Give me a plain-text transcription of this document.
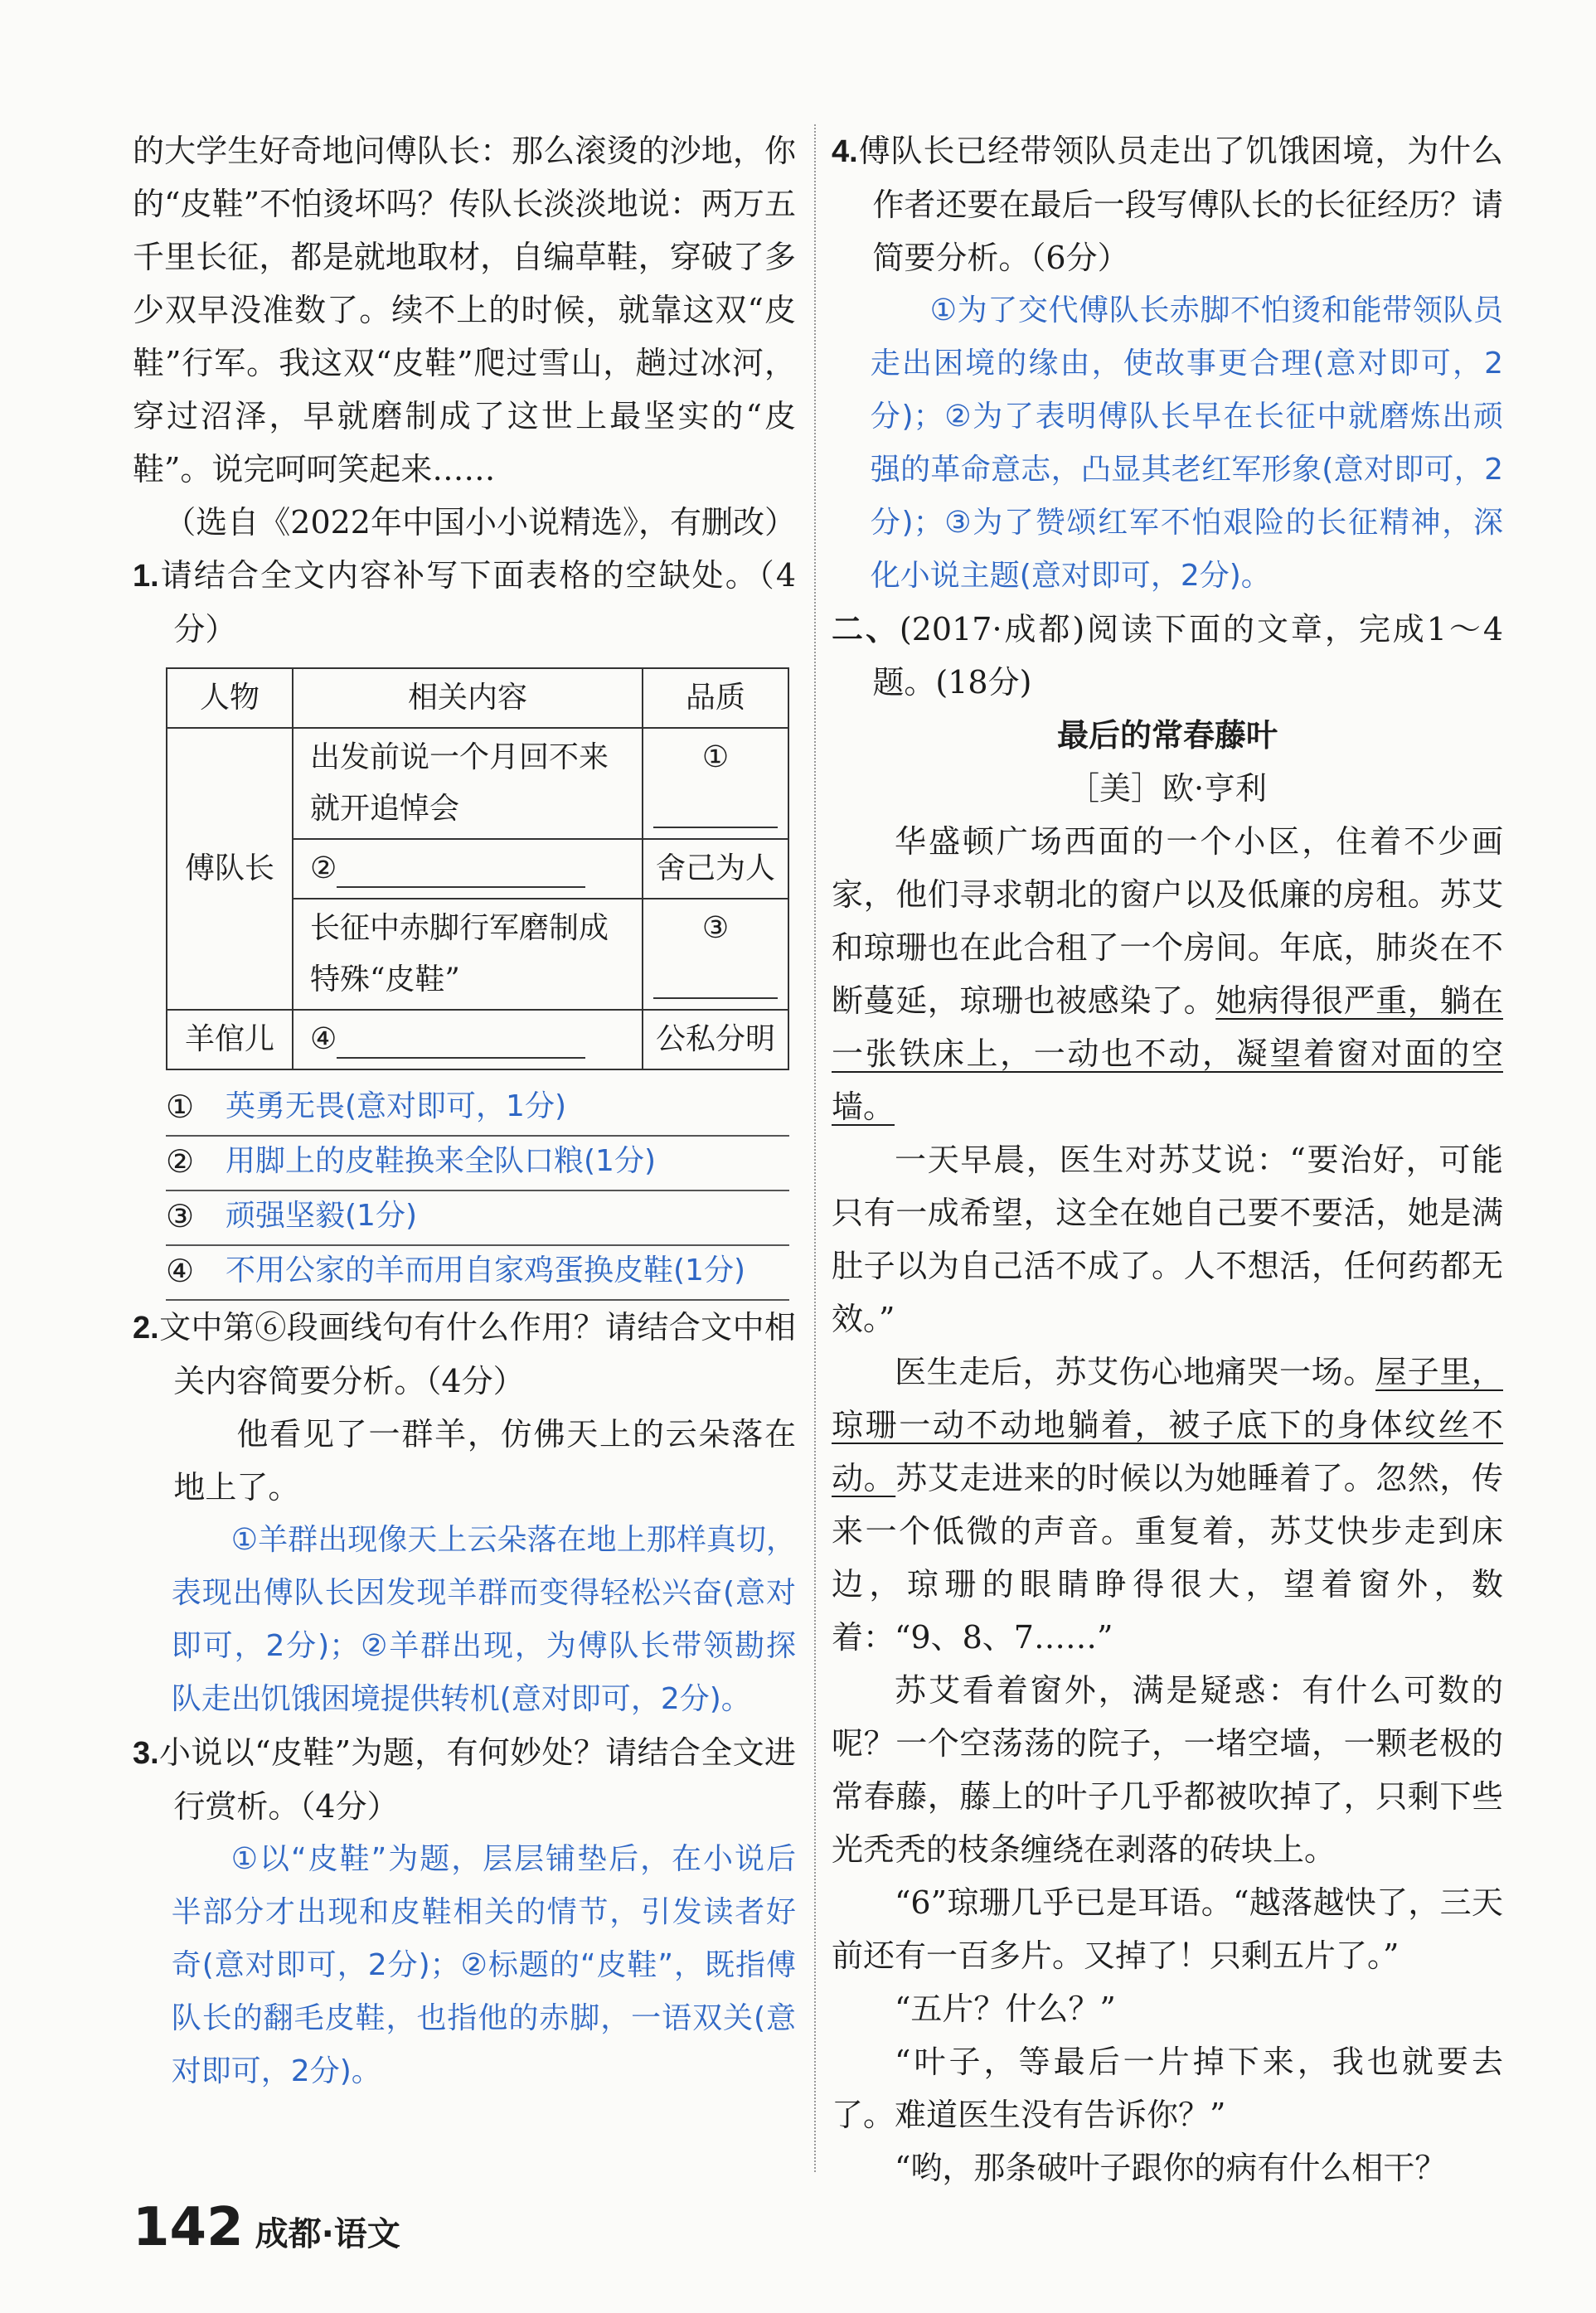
的大学生好奇地问傅队长：那么滚烫的沙地，你的“皮鞋”不怕烫坏吗？传队长淡淡地说：两万五千里长征，都是就地取材，自编草鞋，穿破了多少双早没准数了。续不上的时候，就靠这双“皮鞋”行军。我这双“皮鞋”爬过雪山，趟过冰河，穿过沼泽，早就磨制成了这世上最坚实的“皮鞋”。说完呵呵笑起来……

（选自《2022年中国小小说精选》，有删改）

1.请结合全文内容补写下面表格的空缺处。（4分）

人物	相关内容	品质
傅队长	出发前说一个月回不来就开追悼会	①
	②	舍己为人
	长征中赤脚行军磨制成特殊“皮鞋”	③
羊倌儿	④	公私分明
①	英勇无畏(意对即可，1分)
②	用脚上的皮鞋换来全队口粮(1分)
③	顽强坚毅(1分)
④	不用公家的羊而用自家鸡蛋换皮鞋(1分)

2.文中第⑥段画线句有什么作用？请结合文中相关内容简要分析。（4分）

他看见了一群羊，仿佛天上的云朵落在地上了。

①羊群出现像天上云朵落在地上那样真切，表现出傅队长因发现羊群而变得轻松兴奋(意对即可，2分)；②羊群出现，为傅队长带领勘探队走出饥饿困境提供转机(意对即可，2分)。

3.小说以“皮鞋”为题，有何妙处？请结合全文进行赏析。（4分）

①以“皮鞋”为题，层层铺垫后，在小说后半部分才出现和皮鞋相关的情节，引发读者好奇(意对即可，2分)；②标题的“皮鞋”，既指傅队长的翻毛皮鞋，也指他的赤脚，一语双关(意对即可，2分)。

4.傅队长已经带领队员走出了饥饿困境，为什么作者还要在最后一段写傅队长的长征经历？请简要分析。（6分）

①为了交代傅队长赤脚不怕烫和能带领队员走出困境的缘由，使故事更合理(意对即可，2分)；②为了表明傅队长早在长征中就磨炼出顽强的革命意志，凸显其老红军形象(意对即可，2分)；③为了赞颂红军不怕艰险的长征精神，深化小说主题(意对即可，2分)。

二、(2017·成都)阅读下面的文章，完成1～4题。(18分)

最后的常春藤叶

［美］欧·亨利

华盛顿广场西面的一个小区，住着不少画家，他们寻求朝北的窗户以及低廉的房租。苏艾和琼珊也在此合租了一个房间。年底，肺炎在不断蔓延，琼珊也被感染了。她病得很严重，躺在一张铁床上，一动也不动，凝望着窗对面的空墙。

一天早晨，医生对苏艾说：“要治好，可能只有一成希望，这全在她自己要不要活，她是满肚子以为自己活不成了。人不想活，任何药都无效。”

医生走后，苏艾伤心地痛哭一场。屋子里，琼珊一动不动地躺着，被子底下的身体纹丝不动。苏艾走进来的时候以为她睡着了。忽然，传来一个低微的声音。重复着，苏艾快步走到床边，琼珊的眼睛睁得很大，望着窗外，数着：“9、8、7……”

苏艾看着窗外，满是疑惑：有什么可数的呢？一个空荡荡的院子，一堵空墙，一颗老极的常春藤，藤上的叶子几乎都被吹掉了，只剩下些光秃秃的枝条缠绕在剥落的砖块上。

“6”琼珊几乎已是耳语。“越落越快了，三天前还有一百多片。又掉了！只剩五片了。”

“五片？什么？”

“叶子，等最后一片掉下来，我也就要去了。难道医生没有告诉你？”

“哟，那条破叶子跟你的病有什么相干？

142 成都·语文
